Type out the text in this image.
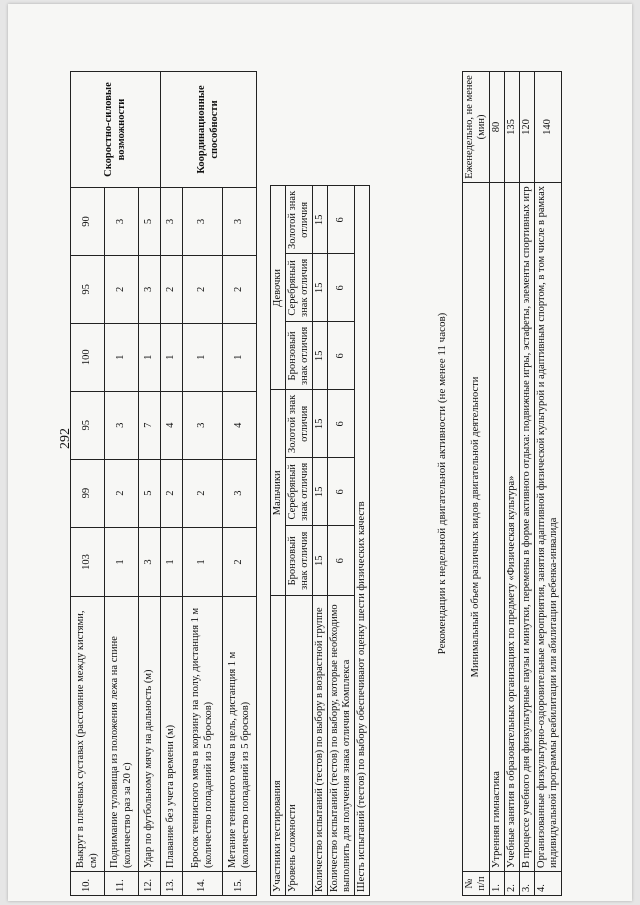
292
10.	Выкрут в плечевых суставах (расстояние между кистями, см)	103	99	95	100	95	90	Скоростно-силовые возможности
11.	Поднимание туловища из положения лежа на спине (количество раз за 20 с)	1	2	3	1	2	3	
12.	Удар по футбольному мячу на дальность (м)	3	5	7	1	3	5	
13.	Плавание без учета времени (м)	1	2	4	1	2	3	Координационные способности
14.	Бросок теннисного мяча в корзину на полу, дистанция 1 м (количество попаданий из 5 бросков)	1	2	3	1	2	3	
15.	Метание теннисного мяча в цель, дистанция 1 м (количество попаданий из 5 бросков)	2	3	4	1	2	3	
Участники тестирования	Мальчики			Девочки			
Уровень сложности	Бронзовый знак отличия	Серебряный знак отличия	Золотой знак отличия	Бронзовый знак отличия	Серебряный знак отличия	Золотой знак отличия	
Количество испытаний (тестов) по выбору в возрастной группе	15	15	15	15	15	15	
Количество испытаний (тестов) по выбору, которые необходимо выполнить для получения знака отличия Комплекса	6	6	6	6	6	6	
Шесть испытаний (тестов) по выбору обеспечивают оценку шести физических качеств							
Рекомендации к недельной двигательной активности (не менее 11 часов)
№ п/п	Минимальный объем различных видов двигательной деятельности	Еженедельно, не менее (мин)
1.	Утренняя гимнастика	80
2.	Учебные занятия в образовательных организациях по предмету «Физическая культура»	135
3.	В процессе учебного дня физкультурные паузы и минутки, перемены в форме активного отдыха: подвижные игры, эстафеты, элементы спортивных игр	120
4.	Организованные физкультурно-оздоровительные мероприятия, занятия адаптивной физической культурой и адаптивным спортом, в том числе в рамках индивидуальной программы реабилитации или абилитации ребенка-инвалида	140
